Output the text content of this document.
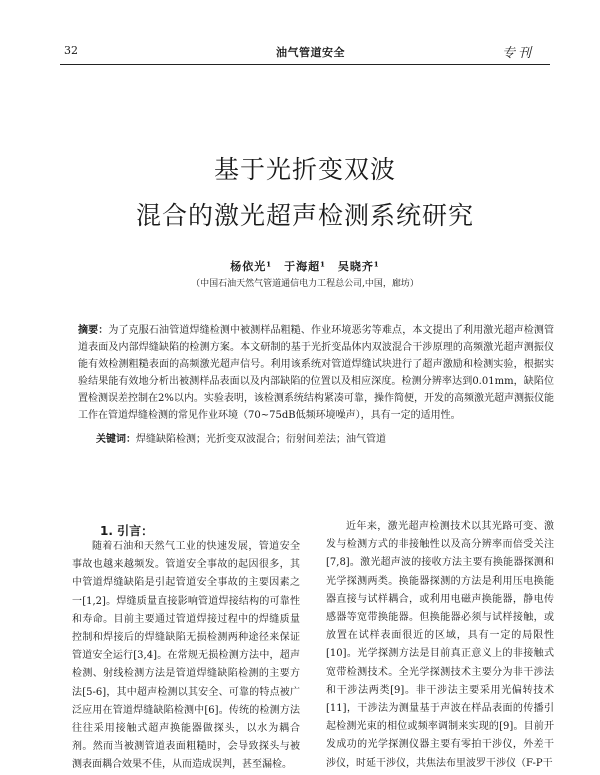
32	油气管道安全	专刊
基于光折变双波
混合的激光超声检测系统研究
杨依光¹　于海超¹　吴晓齐¹
（中国石油天然气管道通信电力工程总公司,中国，廊坊）
摘要：为了克服石油管道焊缝检测中被测样品粗糙、作业环境恶劣等难点，本文提出了利用激光超声检测管道表面及内部焊缝缺陷的检测方案。本文研制的基于光折变晶体内双波混合干涉原理的高频激光超声测振仪能有效检测粗糙表面的高频激光超声信号。利用该系统对管道焊缝试块进行了超声激励和检测实验，根据实验结果能有效地分析出被测样品表面以及内部缺陷的位置以及相应深度。检测分辨率达到0.01mm，缺陷位置检测误差控制在2%以内。实验表明，该检测系统结构紧凑可靠，操作简便，开发的高频激光超声测振仪能工作在管道焊缝检测的常见作业环境（70~75dB低频环境噪声），具有一定的适用性。
关键词：焊缝缺陷检测；光折变双波混合；衍射间差法；油气管道
1. 引言：
随着石油和天然气工业的快速发展，管道安全事故也越来越频发。管道安全事故的起因很多，其中管道焊缝缺陷是引起管道安全事故的主要因素之一[1,2]。焊缝质量直接影响管道焊接结构的可靠性和寿命。目前主要通过管道焊接过程中的焊缝质量控制和焊接后的焊缝缺陷无损检测两种途径来保证管道安全运行[3,4]。在常规无损检测方法中，超声检测、射线检测方法是管道焊缝缺陷检测的主要方法[5-6]，其中超声检测以其安全、可靠的特点被广泛应用在管道焊缝缺陷检测中[6]。传统的检测方法往往采用接触式超声换能器做探头，以水为耦合剂。然而当被测管道表面粗糙时，会导致探头与被测表面耦合效果不佳，从而造成误判，甚至漏检。
近年来，激光超声检测技术以其光路可变、激发与检测方式的非接触性以及高分辨率而倍受关注[7,8]。激光超声波的接收方法主要有换能器探测和光学探测两类。换能器探测的方法是利用压电换能器直接与试样耦合，或利用电磁声换能器，静电传感器等宽带换能器。但换能器必须与试样接触，或放置在试样表面很近的区域，具有一定的局限性[10]。光学探测方法是目前真正意义上的非接触式宽带检测技术。全光学探测技术主要分为非干涉法和干涉法两类[9]。非干涉法主要采用光偏转技术[11]，干涉法为测量基于声波在样品表面的传播引起检测光束的相位或频率调制来实现的[9]。目前开发成功的光学探测仪器主要有零拍干涉仪，外差干涉仪，时延干涉仪，共焦法布里波罗干涉仪（F-P干
